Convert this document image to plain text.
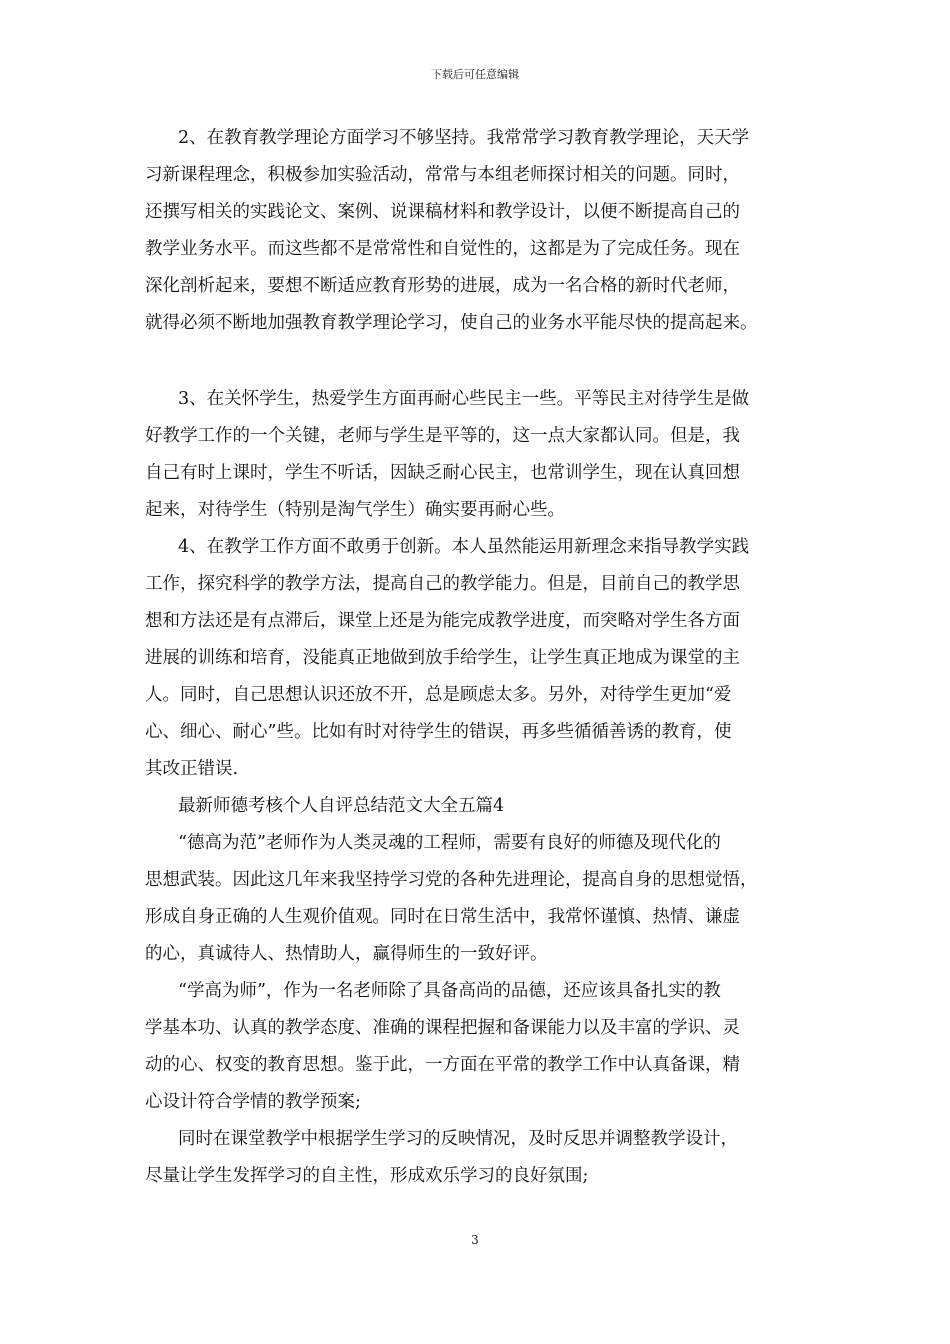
下载后可任意编辑
2、在教育教学理论方面学习不够坚持。我常常学习教育教学理论，天天学
习新课程理念，积极参加实验活动，常常与本组老师探讨相关的问题。同时，
还撰写相关的实践论文、案例、说课稿材料和教学设计，以便不断提高自己的
教学业务水平。而这些都不是常常性和自觉性的，这都是为了完成任务。现在
深化剖析起来，要想不断适应教育形势的进展，成为一名合格的新时代老师，
就得必须不断地加强教育教学理论学习，使自己的业务水平能尽快的提高起来。
3、在关怀学生，热爱学生方面再耐心些民主一些。平等民主对待学生是做
好教学工作的一个关键，老师与学生是平等的，这一点大家都认同。但是，我
自己有时上课时，学生不听话，因缺乏耐心民主，也常训学生，现在认真回想
起来，对待学生（特别是淘气学生）确实要再耐心些。
4、在教学工作方面不敢勇于创新。本人虽然能运用新理念来指导教学实践
工作，探究科学的教学方法，提高自己的教学能力。但是，目前自己的教学思
想和方法还是有点滞后，课堂上还是为能完成教学进度，而突略对学生各方面
进展的训练和培育，没能真正地做到放手给学生，让学生真正地成为课堂的主
人。同时，自己思想认识还放不开，总是顾虑太多。另外，对待学生更加“爱
心、细心、耐心”些。比如有时对待学生的错误，再多些循循善诱的教育，使
其改正错误.
最新师德考核个人自评总结范文大全五篇4
“德高为范”老师作为人类灵魂的工程师，需要有良好的师德及现代化的
思想武装。因此这几年来我坚持学习党的各种先进理论，提高自身的思想觉悟，
形成自身正确的人生观价值观。同时在日常生活中，我常怀谨慎、热情、谦虚
的心，真诚待人、热情助人，赢得师生的一致好评。
“学高为师”，作为一名老师除了具备高尚的品德，还应该具备扎实的教
学基本功、认真的教学态度、准确的课程把握和备课能力以及丰富的学识、灵
动的心、权变的教育思想。鉴于此，一方面在平常的教学工作中认真备课，精
心设计符合学情的教学预案;
同时在课堂教学中根据学生学习的反映情况，及时反思并调整教学设计，
尽量让学生发挥学习的自主性，形成欢乐学习的良好氛围;
3
